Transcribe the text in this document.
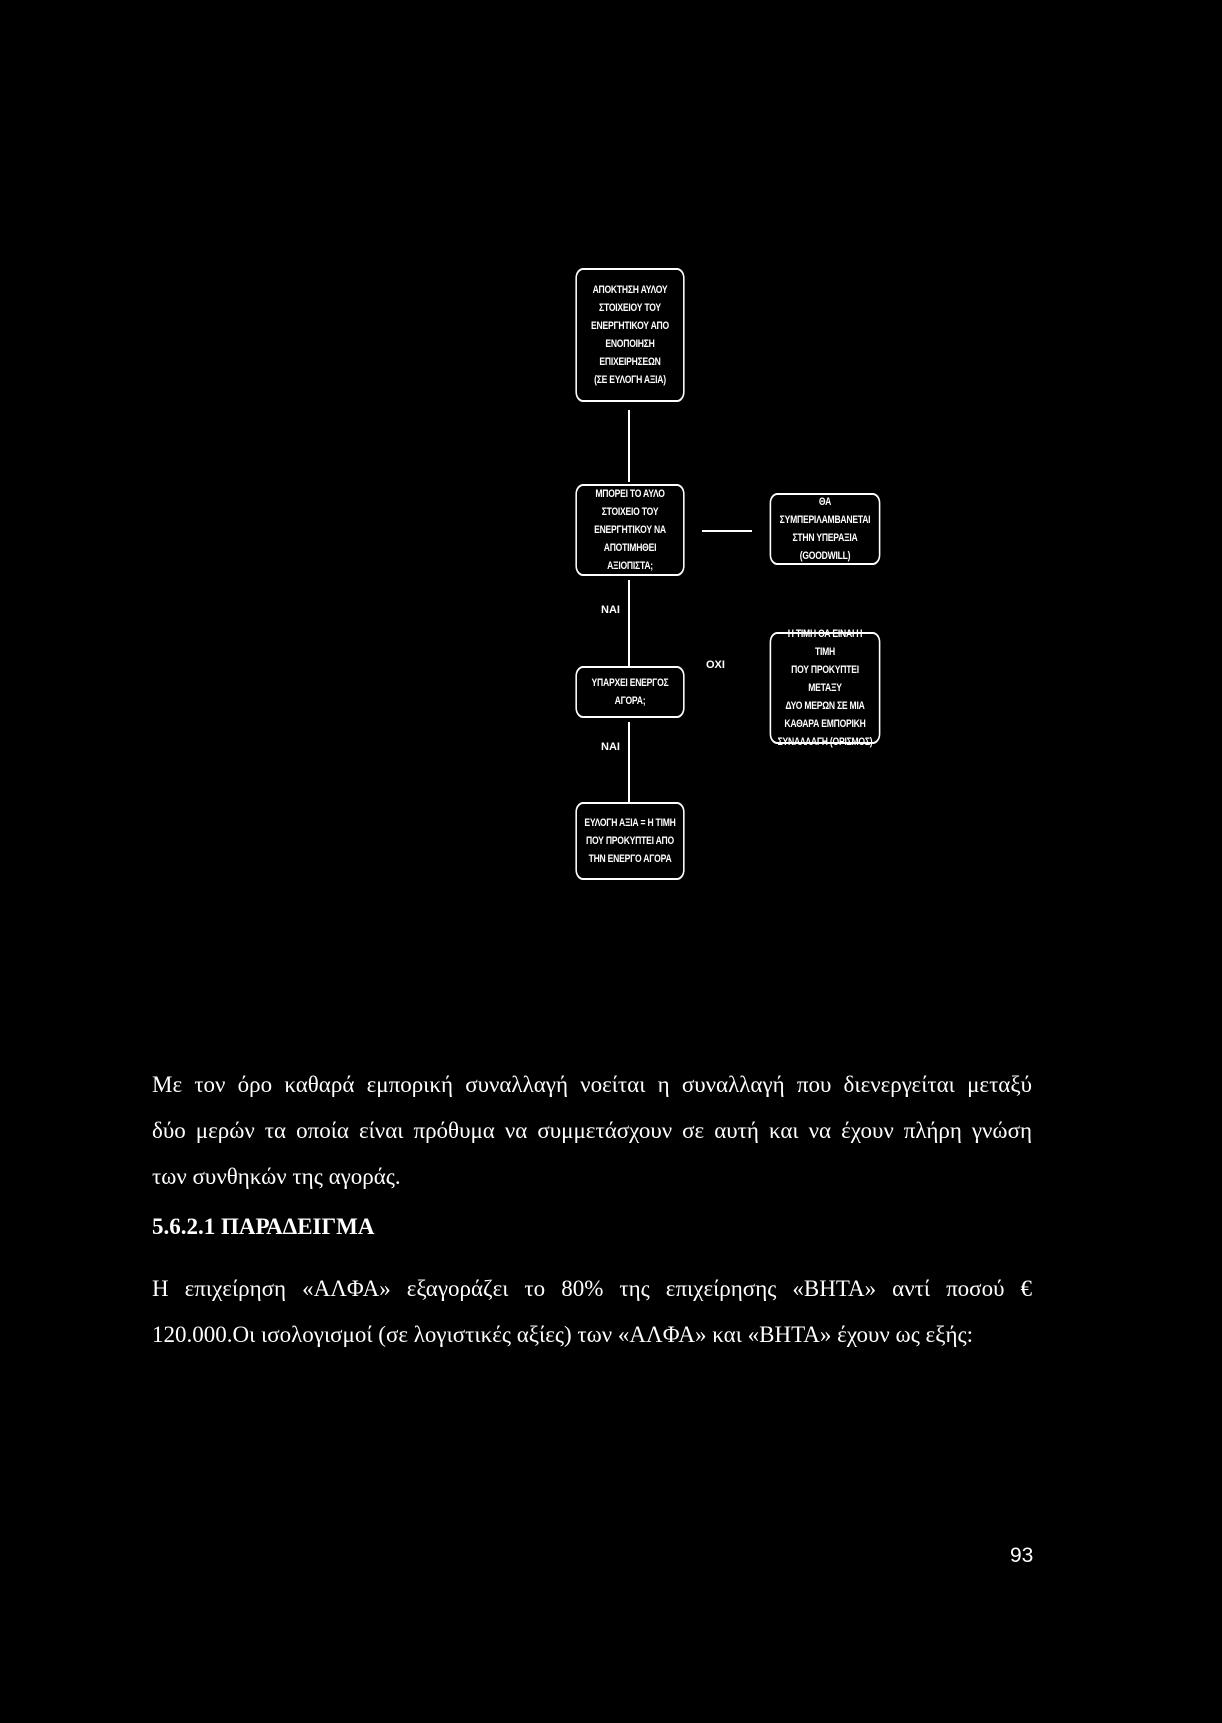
ΑΠΟΚΤΗΣΗ ΑΥΛΟΥ
ΣΤΟΙΧΕΙΟΥ ΤΟΥ
ΕΝΕΡΓΗΤΙΚΟΥ ΑΠΟ
ΕΝΟΠΟΙΗΣΗ
ΕΠΙΧΕΙΡΗΣΕΩΝ
(ΣΕ ΕΥΛΟΓΗ ΑΞΙΑ)
ΜΠΟΡΕΙ ΤΟ ΑΥΛΟ
ΣΤΟΙΧΕΙΟ ΤΟΥ
ΕΝΕΡΓΗΤΙΚΟΥ ΝΑ
ΑΠΟΤΙΜΗΘΕΙ ΑΞΙΟΠΙΣΤΑ;
ΘΑ ΣΥΜΠΕΡΙΛΑΜΒΑΝΕΤΑΙ
ΣΤΗΝ ΥΠΕΡΑΞΙΑ
(GOODWILL)
ΝΑΙ
ΥΠΑΡΧΕΙ ΕΝΕΡΓΟΣ
ΑΓΟΡΑ;
ΟΧΙ
Η ΤΙΜΗ ΘΑ ΕΙΝΑΙ Η ΤΙΜΗ
ΠΟΥ ΠΡΟΚΥΠΤΕΙ ΜΕΤΑΞΥ
ΔΥΟ ΜΕΡΩΝ ΣΕ ΜΙΑ
ΚΑΘΑΡΑ ΕΜΠΟΡΙΚΗ
ΣΥΝΑΛΛΑΓΗ (ΟΡΙΣΜΟΣ)
ΝΑΙ
ΕΥΛΟΓΗ ΑΞΙΑ = Η ΤΙΜΗ
ΠΟΥ ΠΡΟΚΥΠΤΕΙ ΑΠΟ
ΤΗΝ ΕΝΕΡΓΟ ΑΓΟΡΑ
Με τον όρο καθαρά εμπορική συναλλαγή νοείται η συναλλαγή που διενεργείται μεταξύ
δύο μερών τα οποία είναι πρόθυμα να συμμετάσχουν σε αυτή και να έχουν πλήρη γνώση
των συνθηκών της αγοράς.
5.6.2.1 ΠΑΡΑΔΕΙΓΜΑ
Η επιχείρηση «ΑΛΦΑ» εξαγοράζει το 80% της επιχείρησης «ΒΗΤΑ» αντί ποσού €
120.000.Οι ισολογισμοί (σε λογιστικές αξίες) των «ΑΛΦΑ» και «ΒΗΤΑ» έχουν ως εξής:
93
